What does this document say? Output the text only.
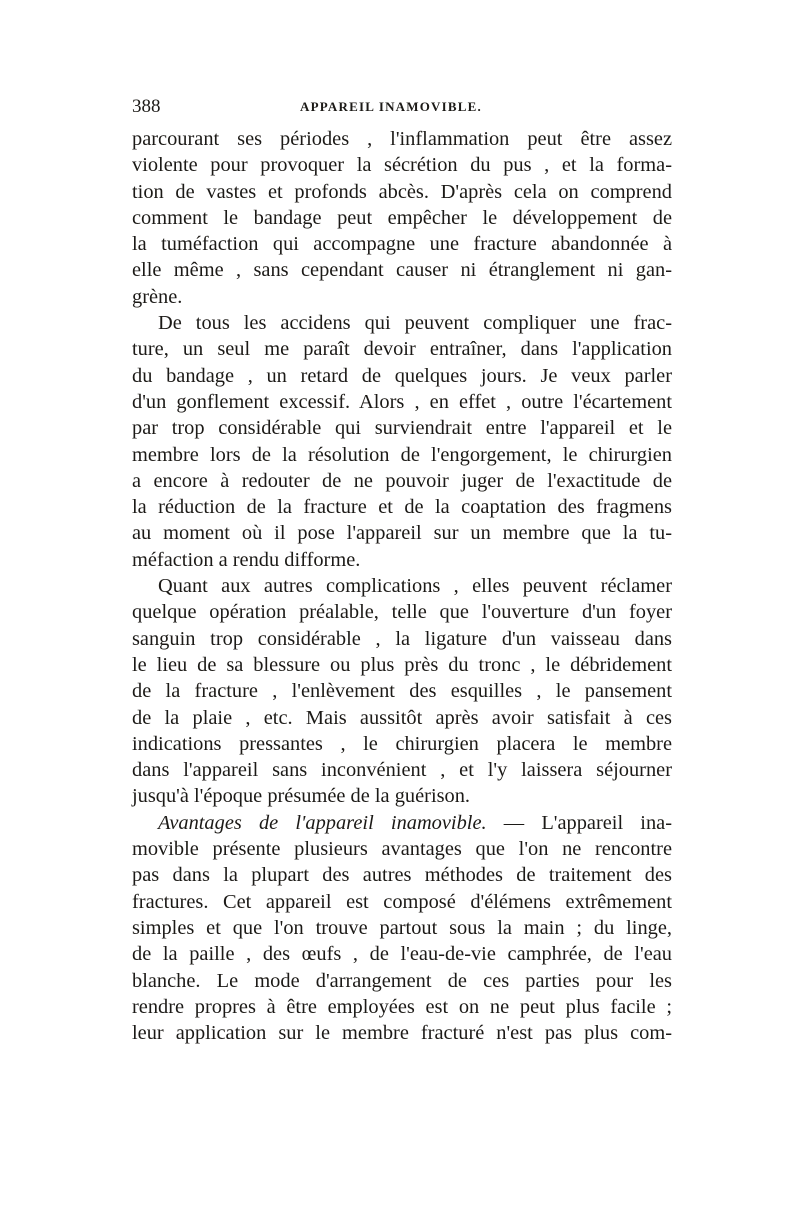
388	APPAREIL INAMOVIBLE.
parcourant ses périodes , l'inflammation peut être assez
violente pour provoquer la sécrétion du pus , et la forma-
tion de vastes et profonds abcès. D'après cela on comprend
comment le bandage peut empêcher le développement de
la tuméfaction qui accompagne une fracture abandonnée à
elle même , sans cependant causer ni étranglement ni gan-
grène.
De tous les accidens qui peuvent compliquer une frac-
ture, un seul me paraît devoir entraîner, dans l'application
du bandage , un retard de quelques jours. Je veux parler
d'un gonflement excessif. Alors , en effet , outre l'écartement
par trop considérable qui surviendrait entre l'appareil et le
membre lors de la résolution de l'engorgement, le chirurgien
a encore à redouter de ne pouvoir juger de l'exactitude de
la réduction de la fracture et de la coaptation des fragmens
au moment où il pose l'appareil sur un membre que la tu-
méfaction a rendu difforme.
Quant aux autres complications , elles peuvent réclamer
quelque opération préalable, telle que l'ouverture d'un foyer
sanguin trop considérable , la ligature d'un vaisseau dans
le lieu de sa blessure ou plus près du tronc , le débridement
de la fracture , l'enlèvement des esquilles , le pansement
de la plaie , etc. Mais aussitôt après avoir satisfait à ces
indications pressantes , le chirurgien placera le membre
dans l'appareil sans inconvénient , et l'y laissera séjourner
jusqu'à l'époque présumée de la guérison.
Avantages de l'appareil inamovible. — L'appareil ina-
movible présente plusieurs avantages que l'on ne rencontre
pas dans la plupart des autres méthodes de traitement des
fractures. Cet appareil est composé d'élémens extrêmement
simples et que l'on trouve partout sous la main ; du linge,
de la paille , des œufs , de l'eau-de-vie camphrée, de l'eau
blanche. Le mode d'arrangement de ces parties pour les
rendre propres à être employées est on ne peut plus facile ;
leur application sur le membre fracturé n'est pas plus com-
